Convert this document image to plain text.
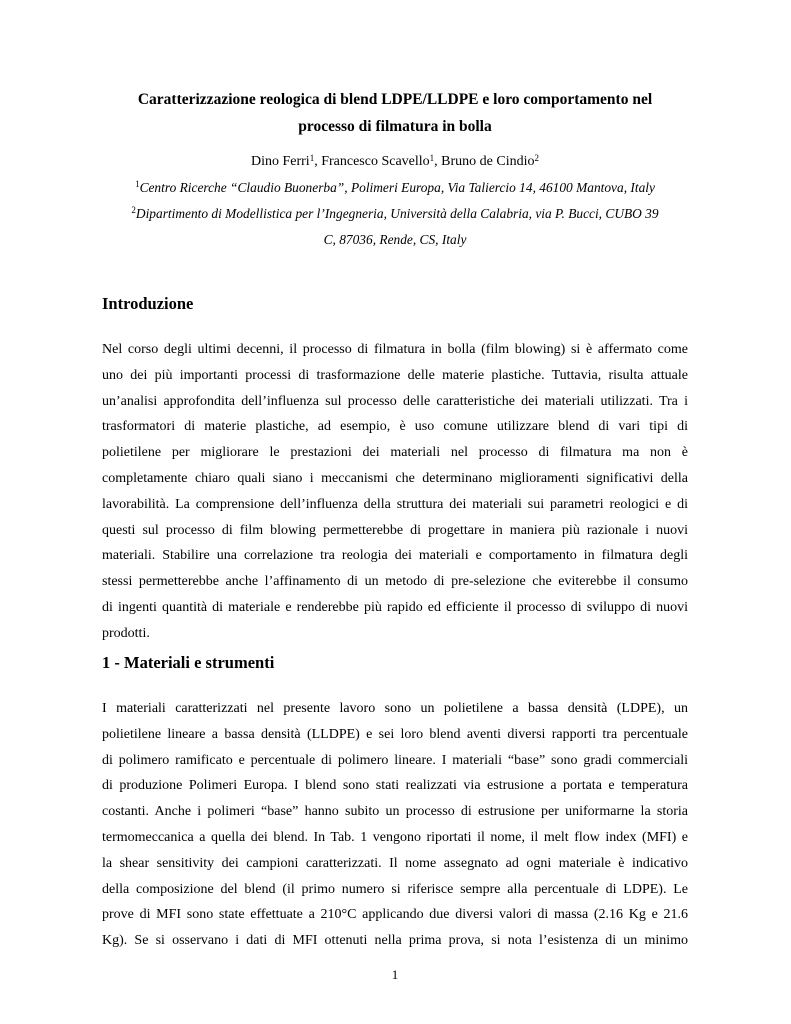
Caratterizzazione reologica di blend LDPE/LLDPE e loro comportamento nel
processo di filmatura in bolla
Dino Ferri$^1$, Francesco Scavello$^1$, Bruno de Cindio$^2$
$^1$Centro Ricerche “Claudio Buonerba”, Polimeri Europa, Via Taliercio 14, 46100 Mantova, Italy
$^2$Dipartimento di Modellistica per l’Ingegneria, Università della Calabria, via P. Bucci, CUBO 39
C, 87036, Rende, CS, Italy
Introduzione
Nel corso degli ultimi decenni, il processo di filmatura in bolla (film blowing) si è affermato come
uno dei più importanti processi di trasformazione delle materie plastiche. Tuttavia, risulta attuale
un’analisi approfondita dell’influenza sul processo delle caratteristiche dei materiali utilizzati. Tra i
trasformatori di materie plastiche, ad esempio, è uso comune utilizzare blend di vari tipi di
polietilene per migliorare le prestazioni dei materiali nel processo di filmatura ma non è
completamente chiaro quali siano i meccanismi che determinano miglioramenti significativi della
lavorabilità. La comprensione dell’influenza della struttura dei materiali sui parametri reologici e di
questi sul processo di film blowing permetterebbe di progettare in maniera più razionale i nuovi
materiali. Stabilire una correlazione tra reologia dei materiali e comportamento in filmatura degli
stessi permetterebbe anche l’affinamento di un metodo di pre-selezione che eviterebbe il consumo
di ingenti quantità di materiale e renderebbe più rapido ed efficiente il processo di sviluppo di nuovi
prodotti.
1 - Materiali e strumenti
I materiali caratterizzati nel presente lavoro sono un polietilene a bassa densità (LDPE), un
polietilene lineare a bassa densità (LLDPE) e sei loro blend aventi diversi rapporti tra percentuale
di polimero ramificato e percentuale di polimero lineare. I materiali “base” sono gradi commerciali
di produzione Polimeri Europa. I blend sono stati realizzati via estrusione a portata e temperatura
costanti. Anche i polimeri “base” hanno subito un processo di estrusione per uniformarne la storia
termomeccanica a quella dei blend. In Tab. 1 vengono riportati il nome, il melt flow index (MFI) e
la shear sensitivity dei campioni caratterizzati. Il nome assegnato ad ogni materiale è indicativo
della composizione del blend (il primo numero si riferisce sempre alla percentuale di LDPE). Le
prove di MFI sono state effettuate a 210°C applicando due diversi valori di massa (2.16 Kg e 21.6
Kg). Se si osservano i dati di MFI ottenuti nella prima prova, si nota l’esistenza di un minimo
1
